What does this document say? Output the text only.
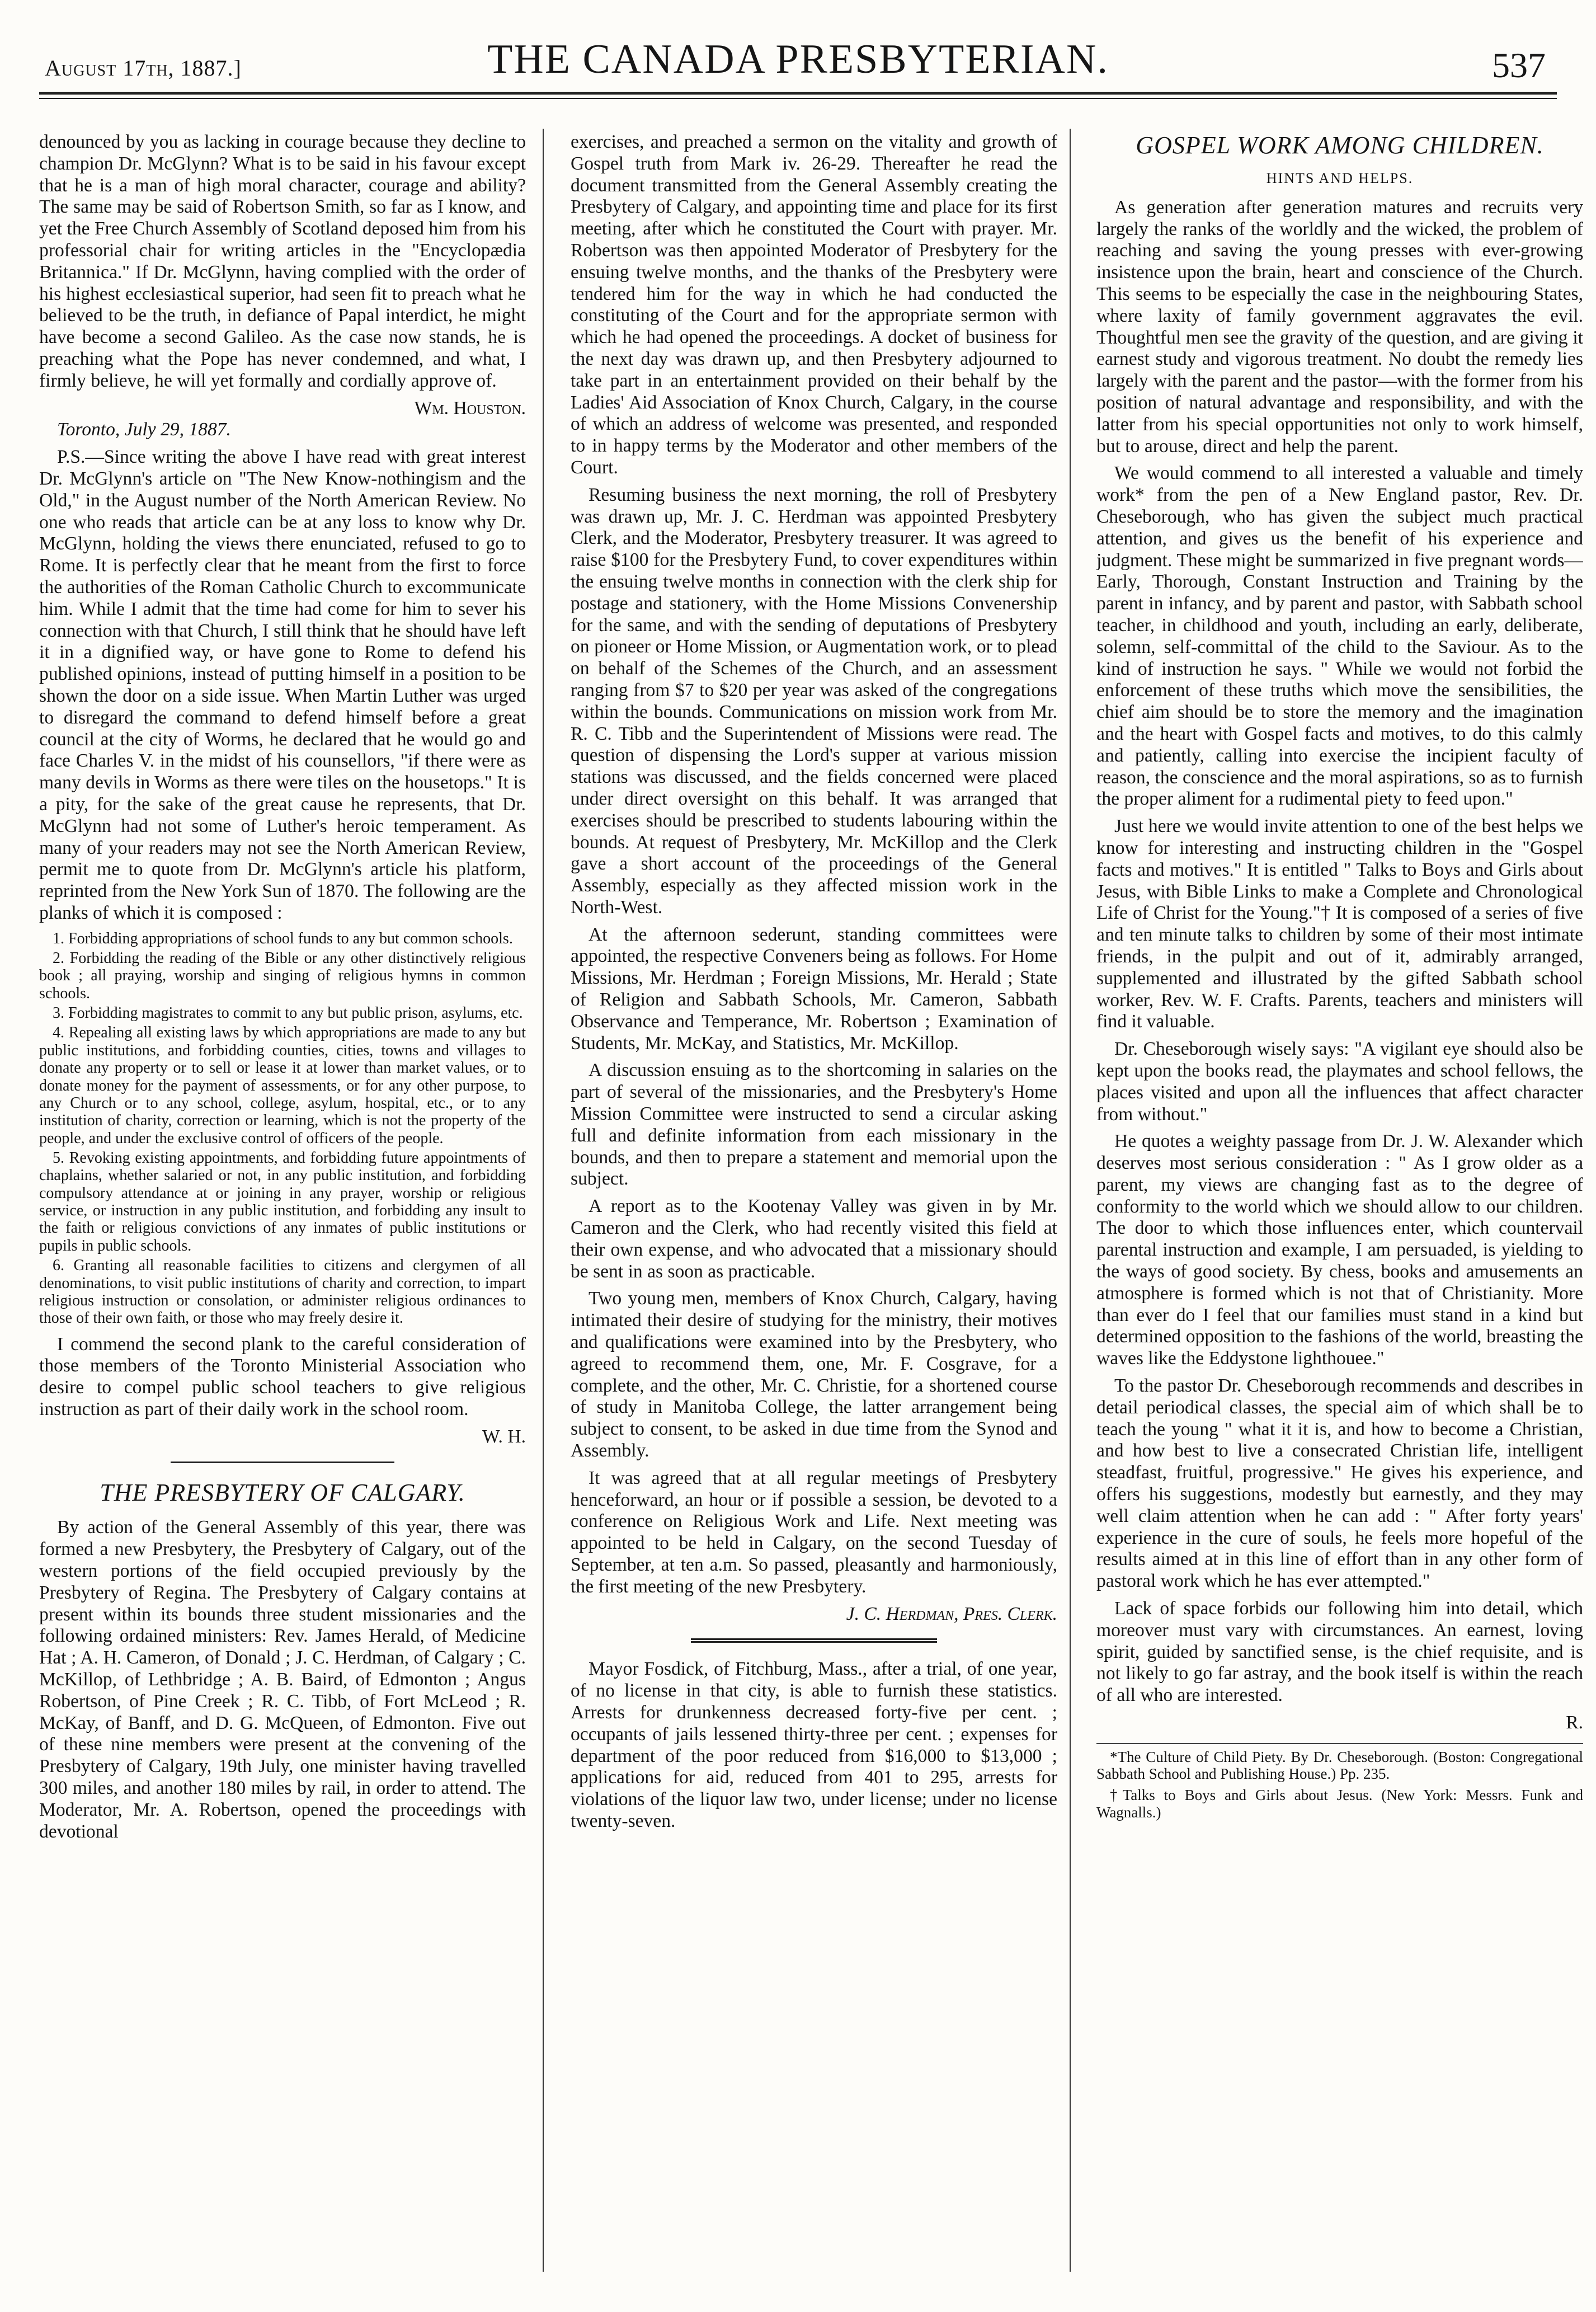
August 17th, 1887.]	THE CANADA PRESBYTERIAN.	537

denounced by you as lacking in courage because they decline to champion Dr. McGlynn? What is to be said in his favour except that he is a man of high moral character, courage and ability? The same may be said of Robertson Smith, so far as I know, and yet the Free Church Assembly of Scotland deposed him from his professorial chair for writing articles in the "Encyclopædia Britannica." If Dr. McGlynn, having complied with the order of his highest ecclesiastical superior, had seen fit to preach what he believed to be the truth, in defiance of Papal interdict, he might have become a second Galileo. As the case now stands, he is preaching what the Pope has never condemned, and what, I firmly believe, he will yet formally and cordially approve of.

Wm. Houston.

Toronto, July 29, 1887.

P.S.—Since writing the above I have read with great interest Dr. McGlynn's article on "The New Know-nothingism and the Old," in the August number of the North American Review. No one who reads that article can be at any loss to know why Dr. McGlynn, holding the views there enunciated, refused to go to Rome. It is perfectly clear that he meant from the first to force the authorities of the Roman Catholic Church to excommunicate him. While I admit that the time had come for him to sever his connection with that Church, I still think that he should have left it in a dignified way, or have gone to Rome to defend his published opinions, instead of putting himself in a position to be shown the door on a side issue. When Martin Luther was urged to disregard the command to defend himself before a great council at the city of Worms, he declared that he would go and face Charles V. in the midst of his counsellors, "if there were as many devils in Worms as there were tiles on the housetops." It is a pity, for the sake of the great cause he represents, that Dr. McGlynn had not some of Luther's heroic temperament. As many of your readers may not see the North American Review, permit me to quote from Dr. McGlynn's article his platform, reprinted from the New York Sun of 1870. The following are the planks of which it is composed :

1. Forbidding appropriations of school funds to any but common schools.

2. Forbidding the reading of the Bible or any other distinctively religious book ; all praying, worship and singing of religious hymns in common schools.

3. Forbidding magistrates to commit to any but public prison, asylums, etc.

4. Repealing all existing laws by which appropriations are made to any but public institutions, and forbidding counties, cities, towns and villages to donate any property or to sell or lease it at lower than market values, or to donate money for the payment of assessments, or for any other purpose, to any Church or to any school, college, asylum, hospital, etc., or to any institution of charity, correction or learning, which is not the property of the people, and under the exclusive control of officers of the people.

5. Revoking existing appointments, and forbidding future appointments of chaplains, whether salaried or not, in any public institution, and forbidding compulsory attendance at or joining in any prayer, worship or religious service, or instruction in any public institution, and forbidding any insult to the faith or religious convictions of any inmates of public institutions or pupils in public schools.

6. Granting all reasonable facilities to citizens and clergymen of all denominations, to visit public institutions of charity and correction, to impart religious instruction or consolation, or administer religious ordinances to those of their own faith, or those who may freely desire it.

I commend the second plank to the careful consideration of those members of the Toronto Ministerial Association who desire to compel public school teachers to give religious instruction as part of their daily work in the school room.

W. H.
THE PRESBYTERY OF CALGARY.

By action of the General Assembly of this year, there was formed a new Presbytery, the Presbytery of Calgary, out of the western portions of the field occupied previously by the Presbytery of Regina. The Presbytery of Calgary contains at present within its bounds three student missionaries and the following ordained ministers: Rev. James Herald, of Medicine Hat ; A. H. Cameron, of Donald ; J. C. Herdman, of Calgary ; C. McKillop, of Lethbridge ; A. B. Baird, of Edmonton ; Angus Robertson, of Pine Creek ; R. C. Tibb, of Fort McLeod ; R. McKay, of Banff, and D. G. McQueen, of Edmonton. Five out of these nine members were present at the convening of the Presbytery of Calgary, 19th July, one minister having travelled 300 miles, and another 180 miles by rail, in order to attend. The Moderator, Mr. A. Robertson, opened the proceedings with devotional

exercises, and preached a sermon on the vitality and growth of Gospel truth from Mark iv. 26-29. Thereafter he read the document transmitted from the General Assembly creating the Presbytery of Calgary, and appointing time and place for its first meeting, after which he constituted the Court with prayer. Mr. Robertson was then appointed Moderator of Presbytery for the ensuing twelve months, and the thanks of the Presbytery were tendered him for the way in which he had conducted the constituting of the Court and for the appropriate sermon with which he had opened the proceedings. A docket of business for the next day was drawn up, and then Presbytery adjourned to take part in an entertainment provided on their behalf by the Ladies' Aid Association of Knox Church, Calgary, in the course of which an address of welcome was presented, and responded to in happy terms by the Moderator and other members of the Court.

Resuming business the next morning, the roll of Presbytery was drawn up, Mr. J. C. Herdman was appointed Presbytery Clerk, and the Moderator, Presbytery treasurer. It was agreed to raise $100 for the Presbytery Fund, to cover expenditures within the ensuing twelve months in connection with the clerk ship for postage and stationery, with the Home Missions Convenership for the same, and with the sending of deputations of Presbytery on pioneer or Home Mission, or Augmentation work, or to plead on behalf of the Schemes of the Church, and an assessment ranging from $7 to $20 per year was asked of the congregations within the bounds. Communications on mission work from Mr. R. C. Tibb and the Superintendent of Missions were read. The question of dispensing the Lord's supper at various mission stations was discussed, and the fields concerned were placed under direct oversight on this behalf. It was arranged that exercises should be prescribed to students labouring within the bounds. At request of Presbytery, Mr. McKillop and the Clerk gave a short account of the proceedings of the General Assembly, especially as they affected mission work in the North-West.

At the afternoon sederunt, standing committees were appointed, the respective Conveners being as follows. For Home Missions, Mr. Herdman ; Foreign Missions, Mr. Herald ; State of Religion and Sabbath Schools, Mr. Cameron, Sabbath Observance and Temperance, Mr. Robertson ; Examination of Students, Mr. McKay, and Statistics, Mr. McKillop.

A discussion ensuing as to the shortcoming in salaries on the part of several of the missionaries, and the Presbytery's Home Mission Committee were instructed to send a circular asking full and definite information from each missionary in the bounds, and then to prepare a statement and memorial upon the subject.

A report as to the Kootenay Valley was given in by Mr. Cameron and the Clerk, who had recently visited this field at their own expense, and who advocated that a missionary should be sent in as soon as practicable.

Two young men, members of Knox Church, Calgary, having intimated their desire of studying for the ministry, their motives and qualifications were examined into by the Presbytery, who agreed to recommend them, one, Mr. F. Cosgrave, for a complete, and the other, Mr. C. Christie, for a shortened course of study in Manitoba College, the latter arrangement being subject to consent, to be asked in due time from the Synod and Assembly.

It was agreed that at all regular meetings of Presbytery henceforward, an hour or if possible a session, be devoted to a conference on Religious Work and Life. Next meeting was appointed to be held in Calgary, on the second Tuesday of September, at ten a.m. So passed, pleasantly and harmoniously, the first meeting of the new Presbytery.

J. C. Herdman, Pres. Clerk.

Mayor Fosdick, of Fitchburg, Mass., after a trial, of one year, of no license in that city, is able to furnish these statistics. Arrests for drunkenness decreased forty-five per cent. ; occupants of jails lessened thirty-three per cent. ; expenses for department of the poor reduced from $16,000 to $13,000 ; applications for aid, reduced from 401 to 295, arrests for violations of the liquor law two, under license; under no license twenty-seven.

GOSPEL WORK AMONG CHILDREN.
HINTS AND HELPS.

As generation after generation matures and recruits very largely the ranks of the worldly and the wicked, the problem of reaching and saving the young presses with ever-growing insistence upon the brain, heart and conscience of the Church. This seems to be especially the case in the neighbouring States, where laxity of family government aggravates the evil. Thoughtful men see the gravity of the question, and are giving it earnest study and vigorous treatment. No doubt the remedy lies largely with the parent and the pastor—with the former from his position of natural advantage and responsibility, and with the latter from his special opportunities not only to work himself, but to arouse, direct and help the parent.

We would commend to all interested a valuable and timely work* from the pen of a New England pastor, Rev. Dr. Cheseborough, who has given the subject much practical attention, and gives us the benefit of his experience and judgment. These might be summarized in five pregnant words—Early, Thorough, Constant Instruction and Training by the parent in infancy, and by parent and pastor, with Sabbath school teacher, in childhood and youth, including an early, deliberate, solemn, self-committal of the child to the Saviour. As to the kind of instruction he says. " While we would not forbid the enforcement of these truths which move the sensibilities, the chief aim should be to store the memory and the imagination and the heart with Gospel facts and motives, to do this calmly and patiently, calling into exercise the incipient faculty of reason, the conscience and the moral aspirations, so as to furnish the proper aliment for a rudimental piety to feed upon."

Just here we would invite attention to one of the best helps we know for interesting and instructing children in the "Gospel facts and motives." It is entitled " Talks to Boys and Girls about Jesus, with Bible Links to make a Complete and Chronological Life of Christ for the Young."† It is composed of a series of five and ten minute talks to children by some of their most intimate friends, in the pulpit and out of it, admirably arranged, supplemented and illustrated by the gifted Sabbath school worker, Rev. W. F. Crafts. Parents, teachers and ministers will find it valuable.

Dr. Cheseborough wisely says: "A vigilant eye should also be kept upon the books read, the playmates and school fellows, the places visited and upon all the influences that affect character from without."

He quotes a weighty passage from Dr. J. W. Alexander which deserves most serious consideration : " As I grow older as a parent, my views are changing fast as to the degree of conformity to the world which we should allow to our children. The door to which those influences enter, which countervail parental instruction and example, I am persuaded, is yielding to the ways of good society. By chess, books and amusements an atmosphere is formed which is not that of Christianity. More than ever do I feel that our families must stand in a kind but determined opposition to the fashions of the world, breasting the waves like the Eddystone lighthouee."

To the pastor Dr. Cheseborough recommends and describes in detail periodical classes, the special aim of which shall be to teach the young " what it it is, and how to become a Christian, and how best to live a consecrated Christian life, intelligent steadfast, fruitful, progressive." He gives his experience, and offers his suggestions, modestly but earnestly, and they may well claim attention when he can add : " After forty years' experience in the cure of souls, he feels more hopeful of the results aimed at in this line of effort than in any other form of pastoral work which he has ever attempted."

Lack of space forbids our following him into detail, which moreover must vary with circumstances. An earnest, loving spirit, guided by sanctified sense, is the chief requisite, and is not likely to go far astray, and the book itself is within the reach of all who are interested.

R.

*The Culture of Child Piety. By Dr. Cheseborough. (Boston: Congregational Sabbath School and Publishing House.) Pp. 235.

†Talks to Boys and Girls about Jesus. (New York: Messrs. Funk and Wagnalls.)
